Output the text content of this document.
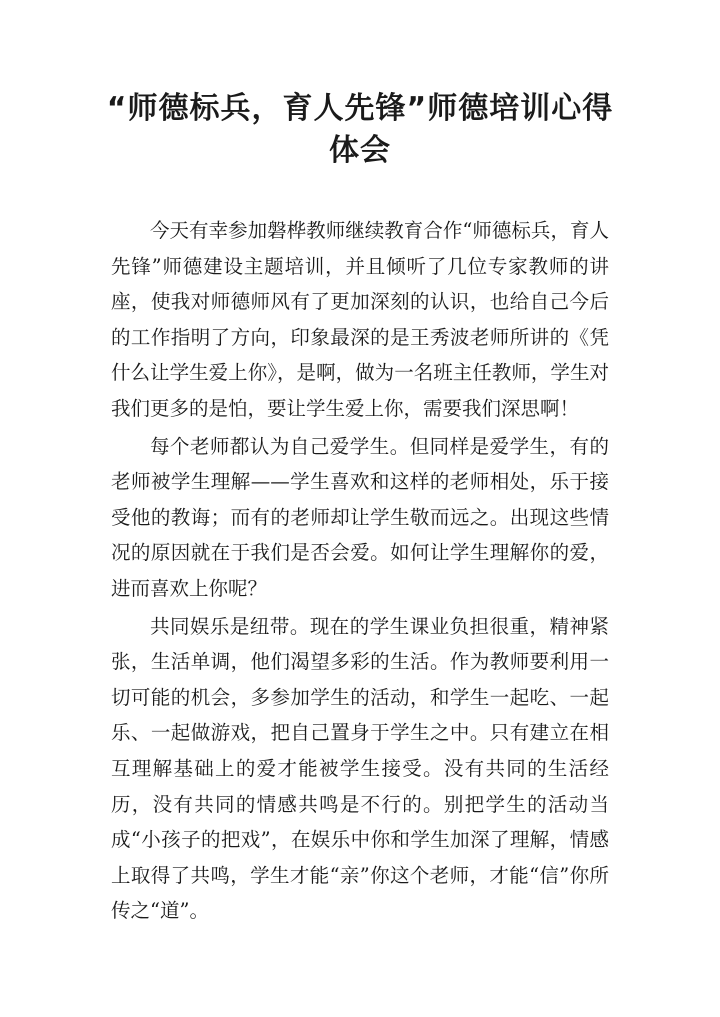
“师德标兵，育人先锋”师德培训心得体会

今天有幸参加磐桦教师继续教育合作“师德标兵，育人先锋”师德建设主题培训，并且倾听了几位专家教师的讲座，使我对师德师风有了更加深刻的认识，也给自己今后的工作指明了方向，印象最深的是王秀波老师所讲的《凭什么让学生爱上你》，是啊，做为一名班主任教师，学生对我们更多的是怕，要让学生爱上你，需要我们深思啊！

每个老师都认为自己爱学生。但同样是爱学生，有的老师被学生理解——学生喜欢和这样的老师相处，乐于接受他的教诲；而有的老师却让学生敬而远之。出现这些情况的原因就在于我们是否会爱。如何让学生理解你的爱，进而喜欢上你呢？

共同娱乐是纽带。现在的学生课业负担很重，精神紧张，生活单调，他们渴望多彩的生活。作为教师要利用一切可能的机会，多参加学生的活动，和学生一起吃、一起乐、一起做游戏，把自己置身于学生之中。只有建立在相互理解基础上的爱才能被学生接受。没有共同的生活经历，没有共同的情感共鸣是不行的。别把学生的活动当成“小孩子的把戏”，在娱乐中你和学生加深了理解，情感上取得了共鸣，学生才能“亲”你这个老师，才能“信”你所传之“道”。
